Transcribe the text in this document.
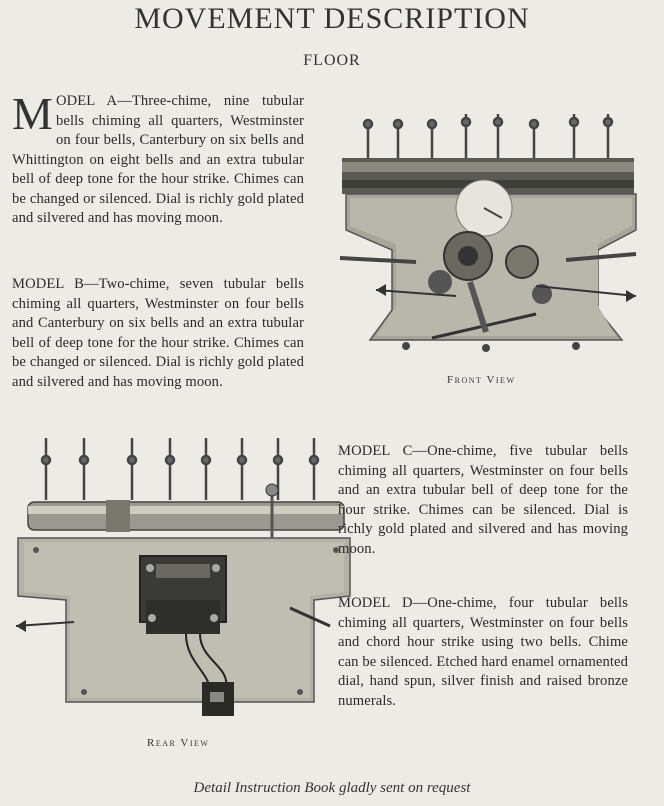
MOVEMENT DESCRIPTION
FLOOR
MODEL A—Three-chime, nine tubular bells chiming all quarters, Westminster on four bells, Canterbury on six bells and Whittington on eight bells and an extra tubular bell of deep tone for the hour strike. Chimes can be changed or silenced. Dial is richly gold plated and silvered and has moving moon.
MODEL B—Two-chime, seven tubular bells chiming all quarters, Westminster on four bells and Canterbury on six bells and an extra tubular bell of deep tone for the hour strike. Chimes can be changed or silenced. Dial is richly gold plated and silvered and has moving moon.	Front View
Rear View
MODEL C—One-chime, five tubular bells chiming all quarters, Westminster on four bells and an extra tubular bell of deep tone for the hour strike. Chimes can be silenced. Dial is richly gold plated and silvered and has moving moon.
MODEL D—One-chime, four tubular bells chiming all quarters, Westminster on four bells and chord hour strike using two bells. Chime can be silenced. Etched hard enamel ornamented dial, hand spun, silver finish and raised bronze numerals.
Detail Instruction Book gladly sent on request
